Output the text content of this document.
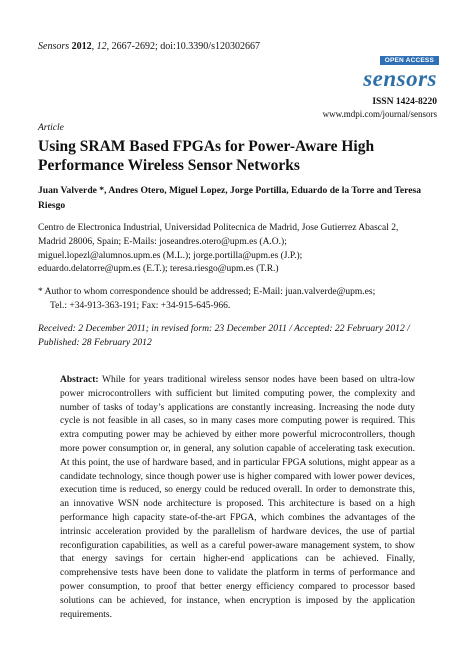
Sensors 2012, 12, 2667-2692; doi:10.3390/s120302667
OPEN ACCESS
sensors
ISSN 1424-8220
www.mdpi.com/journal/sensors
Article
Using SRAM Based FPGAs for Power-Aware High Performance Wireless Sensor Networks
Juan Valverde *, Andres Otero, Miguel Lopez, Jorge Portilla, Eduardo de la Torre and Teresa Riesgo
Centro de Electronica Industrial, Universidad Politecnica de Madrid, Jose Gutierrez Abascal 2,
Madrid 28006, Spain; E-Mails: joseandres.otero@upm.es (A.O.);
miguel.lopezl@alumnos.upm.es (M.L.); jorge.portilla@upm.es (J.P.);
eduardo.delatorre@upm.es (E.T.); teresa.riesgo@upm.es (T.R.)
* Author to whom correspondence should be addressed; E-Mail: juan.valverde@upm.es;
Tel.: +34-913-363-191; Fax: +34-915-645-966.
Received: 2 December 2011; in revised form: 23 December 2011 / Accepted: 22 February 2012 /
Published: 28 February 2012

Abstract: While for years traditional wireless sensor nodes have been based on ultra-low power microcontrollers with sufficient but limited computing power, the complexity and number of tasks of today’s applications are constantly increasing. Increasing the node duty cycle is not feasible in all cases, so in many cases more computing power is required. This extra computing power may be achieved by either more powerful microcontrollers, though more power consumption or, in general, any solution capable of accelerating task execution. At this point, the use of hardware based, and in particular FPGA solutions, might appear as a candidate technology, since though power use is higher compared with lower power devices, execution time is reduced, so energy could be reduced overall. In order to demonstrate this, an innovative WSN node architecture is proposed. This architecture is based on a high performance high capacity state-of-the-art FPGA, which combines the advantages of the intrinsic acceleration provided by the parallelism of hardware devices, the use of partial reconfiguration capabilities, as well as a careful power-aware management system, to show that energy savings for certain higher-end applications can be achieved. Finally, comprehensive tests have been done to validate the platform in terms of performance and power consumption, to proof that better energy efficiency compared to processor based solutions can be achieved, for instance, when encryption is imposed by the application requirements.
